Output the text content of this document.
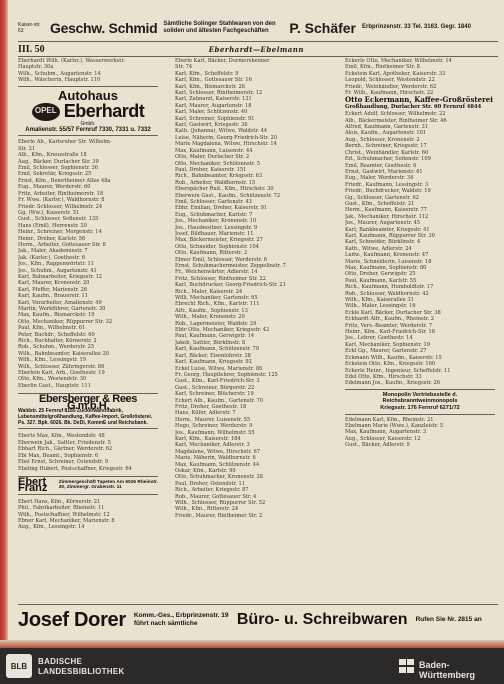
Kaiser-str. 63	Geschw. Schmid Sämtliche Solinger Stahlwaren von den soliden und ältesten Fachgeschäften	P. Schäfer Erbprinzenstr. 33 Tel. 3163. Gegr. 1840
III. 50	Eberhardt—Ebelmann
Eberhardt Wilh. (Karlsr.), Wasserwerkstr.
Hauptstr. 30a
Wilh., Schuhm., Augartenstr. 14
Wilh., Wäscherin, Hauptstr. 110
Autohaus
OPEL Eberhardt
Gmbh.
Amalienstr. 55/57 Fernruf 7330, 7331 u. 7332
Eberle Ab., Karlsruher Str. Wilhelm-
Str. 21
Alb., Kfm., Kreuzstraße 18
Aug., Bäcker, Durlacher Str. 39
Emil, Schlosser, Sophienstr. 36
Emil, Sekretär, Kriegsstr. 25
Ernst, Kfm., Beiertheimer Allee 48a
Eug., Maurer, Werderstr. 60
Fritz, Arbeiter, Rintheimerstr. 18
Fr. Wwe. (Karlsr.), Waldhornstr. 8
Friedr. Schlosser, Wilhelmstr. 24
Gg. (Ww.), Kaiserstr. 51
Gust., Schlosser, Sofienstr. 135
Hans (Emil), Herrenstr. 20
Heinr., Schreiner, Morgenstr. 14
Heinr., Dreher, Karlstr. 56
Herm., Arbeiter, Gottesauer Str. 8
Jak., Maler, Akademiestr. 7
Jak. (Karlsr.), Goethestr. 6
Jos., Kfm., Rappenwörtstr. 11
Jos., Schuhm., Augartenstr. 41
Karl, Bahnarbeiter, Kriegsstr. 12
Karl, Maurer, Kronenstr. 20
Karl, Pfeffer, Marienstr. 26
Karl, Kaufm., Brauerstr. 11
Karl, Vorarbeiter, Amalienstr. 49
Martin, Werkführer, Gartenstr. 30
Max, Kaufm., Bismarckstr. 19
Otto, Mechaniker, Rüppurrer Str. 32
Paul, Kfm., Wilhelmstr. 61
Peter, Buchdr., Scheffelstr. 60
Rich., Buchhalter, Körnerstr. 2
Rob., Schuhm., Werderstr. 25
Wilh., Bahnbeamter, Kaiserallee 20
Wilh., Kfm., Lessingstr. 19
Wilh., Schlosser, Zähringerstr. 86
Eberlein Karl, Arb., Goethestr. 19
Otto, Kfm., Westendstr. 30
Eberlin Gust., Hauptstr. 111
Ebersberger & Rees G.m.b.H.
Waldstr. 25 Fernruf 8185 Zuckerwarenfabrik, Lebensmittelgroßhandlung, Kaffee-Import, Großrösterei. Ps. 327. Bpk. 6026. Bk. DeDi, KommE und Reichsbank.
Eberts Max, Kfm., Westendstr. 48
Eberwein Jak., Sattler, Friedenstr. 5
Ebhart Rich., Gärtner, Werderstr. 62
Ebi Max, Beamt., Sophienstr. 6
Ebel Ernst, Schreiner, Ostendstr. 9
Ebeling Hubert, Postschaffner, Kriegsstr. 64
Ebert Franz	Zimmergeschäft Tapeten Am 6026 Rheinstr. 30, Zimmergr. Grabenstr. 11
Ebert Hans, Kfm., Körnerstr. 21
Phil., Fabrikarbeiter, Rheinstr. 11
Wilh., Postschaffner, Wilhelmstr. 12
Ebner Karl, Mechaniker, Marienstr. 8
Aug., Kfm., Lessingstr. 14
Eberle Karl, Bäcker, Durmersheimer
Str. 74
Karl, Kfm., Scheffelstr. 9
Karl, Kfm., Gottesauer Str. 16
Karl, Kfm., Bismarckstr. 26
Karl, Schlosser, Rintheimerstr. 12
Karl, Zahnarzt, Kaiserstr. 131
Karl, Maurer, Augartenstr. 18
Karl, Maler, Schützenstr. 40
Karl, Schreiner, Sophienstr. 91
Karl, Gastwirt, Kriegsstr. 36
Kath. (Johanna), Witwe, Waldstr. 44
Luise, Näherin, Georg-Friedrich-Str. 20
Marie Magdalena, Witwe, Hirschstr. 14
Max, Kaufmann, Luisenstr. 44
Otto, Maler, Durlacher Str. 2
Otto, Mechaniker, Schützenstr. 5
Paul, Dreher, Kaiserstr. 151
Rich., Bahnbeamter, Kriegsstr. 63
Rob., Arbeiter, Waldhornstr. 15
Eberspächer Rud., Kfm., Hirschstr. 30
Eberwein Gust., Kaufm., Schützenstr. 72
Emil, Schlosser, Gartenstr. 43
Ebhr. Emilian, Dreher, Kaiserstr. 91
Eug., Schuhmacher, Karlstr. 7
Jos., Mechaniker, Kronenstr. 10
Jos., Hausbesitzer, Lessingstr. 9
Josef, Bildhauer, Marienstr. 11
Max, Bäckermeister, Kriegsstr. 27
Otto, Schneider, Sophienstr. 104
Otto, Kaufmann, Ritterstr. 2
Ebner Emil, Schlosser, Werderstr. 6
Ernst, Schuhmachermeister, Zeppelinstr. 7
Fr., Weichenwärter, Adlerstr. 14
Fritz, Schlosser, Rintheimer Str. 22
Karl, Buchdrucker, Georg-Friedrich-Str. 21
Rich., Maler, Kaiserstr. 24
Willi, Mechaniker, Gartenstr. 65
Ebrecht Rich., Kfm., Karlstr. 111
Alfr., Kaufm., Sophienstr. 13
Wilh., Maler, Kronenstr. 20
Rob., Lagermeister, Waldstr. 29
Ebtr Otto, Mechaniker, Kriegsstr. 42
Paul, Kaufmann, Gerwigstr. 14
Jakob, Sattler, Bürklinstr. 8
Karl, Kaufmann, Schützenstr. 79
Karl, Bäcker, Eisenlohrstr. 38
Karl, Kaufmann, Kriegsstr. 92
Eckel Luise, Witwe, Marienstr. 86
Fr. Georg, Hauptlehrer, Sophienstr. 125
Gust., Kfm., Karl-Friedrich-Str. 3
Gust., Schreiner, Bürgerstr. 22
Karl, Schreiner, Blücherstr. 19
Eckert Alb., Kaufm., Gartenstr. 70
Fritz, Dreher, Goethestr. 18
Hans, Küfer, Adlerstr. 7
Herm., Maurer, Luisenstr. 55
Hugo, Schreiner, Werderstr. 9
Jos., Kaufmann, Wilhelmstr. 55
Karl, Kfm., Kaiserstr. 184
Karl, Mechaniker, Adlerstr. 3
Magdalene, Witwe, Hirschstr. 67
Marie, Näherin, Waldhornstr. 6
Max, Kaufmann, Schützenstr. 44
Oskar, Kfm., Karlstr. 99
Otto, Schuhmacher, Kronenstr. 28
Paul, Dreher, Ostendstr. 11
Rich., Arbeiter, Kriegsstr. 87
Rob., Maurer, Gottesauer Str. 4
Wilh., Schlosser, Rüppurrer Str. 52
Wilh., Kfm., Ritterstr. 24
Friedr., Maurer, Rintheimer Str. 2
Eckerle Otto, Mechaniker, Wilhelmstr. 14
Emil, Kfm., Rintheimer Str. 8
Eckstein Karl, Apotheker, Kaiserstr. 33
Leopold, Schlosser, Westendstr. 22
Friedr., Weinhändler, Werderstr. 62
Fr. Wilh., Kaufmann, Hirschstr. 22
Otto Eckermann, Kaffee-Großrösterei
Großhandlung, Durlacher Str. 60 Fernruf 4844
Eckert Adolf, Schlosser, Wilhelmstr. 22
Alb., Bäckermeister, Rintheimer Str. 46
Alfred, Kaufmann, Gartenstr. 31
Alois, Kaufm., Augartenstr. 101
Aug., Schlosser, Kronenstr. 2
Bernh., Schreiner, Kriegsstr. 17
Christ., Weinhändler, Karlstr. 60
Ed., Schuhmacher, Sofienstr. 109
Emil, Beamter, Goethestr. 6
Ernst, Gastwirt, Marienstr. 61
Eug., Maler, Werderstr. 34
Friedr., Kaufmann, Lessingstr. 3
Friedr., Buchdrucker, Waldstr. 19
Gg., Schlosser, Gartenstr. 62
Gust., Kfm., Scheffelstr. 21
Herm., Kaufmann, Kaiserstr. 77
Jak., Mechaniker, Hirschstr. 112
Jos., Maurer, Augartenstr. 45
Karl, Bankbeamter, Kriegsstr. 41
Karl, Kaufmann, Rüppurrer Str. 30
Karl, Schneider, Bürklinstr. 4
Kath., Witwe, Adlerstr. 24
Ludw., Kaufmann, Kronenstr. 47
Marie, Schneiderin, Luisenstr. 18
Max, Kaufmann, Sophienstr. 80
Otto, Dreher, Gerwigstr. 25
Paul, Kaufmann, Karlstr. 55
Rich., Kaufmann, Humboldtstr. 17
Rob., Schlosser, Waldhornstr. 42
Wilh., Kfm., Kaiserallee 31
Wilh., Maler, Lessingstr. 16
Eckle Karl, Bäcker, Durlacher Str. 38
Eckhardt Alfr., Kaufm., Rheinstr. 2
Fritz, Vers.-Beamter, Werderstr. 7
Heinr., Kfm., Karl-Friedrich-Str. 18
Jos., Lehrer, Goethestr. 14
Karl, Mechaniker, Sophienstr. 19
Eckl Gg., Maurer, Gartenstr. 27
Eckmann Wilh., Kaufm., Kaiserstr. 15
Eckstein Otto, Kfm., Kriegsstr. 160
Eckerle Heinr., Ingenieur, Scheffelstr. 11
Edel Otto, Kfm., Hirschstr. 33
Edelmann Jos., Kaufm., Kriegsstr. 26
Monopolin Vertriebsstelle d.
Reichsbranntweinmonopols
Kriegsstr. 176 Fernruf 6271/72
Edelmann Karl, Kfm., Rheinstr. 21
Ebelmann Marie (Wwe.), Kanzleistr. 5
Max, Kaufmann, Augartenstr. 3
Aug., Schlosser, Kaiserstr. 12
Gust., Bäcker, Adlerstr. 9
Josef Dorer Komm.-Ges., Erbprinzenstr. 19 führt nach sämtliche	Büro- u. Schreibwaren Rufen Sie Nr. 2815 an
BLB	BADISCHE
LANDESBIBLIOTHEK
Baden-Württemberg
